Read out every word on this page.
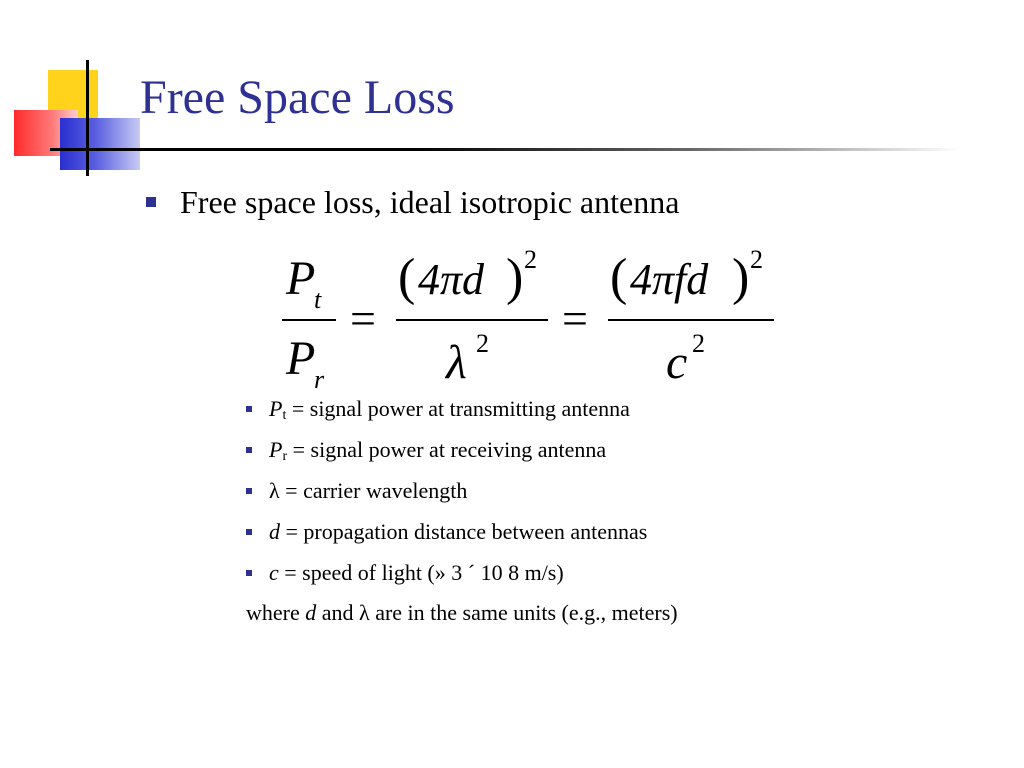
Free Space Loss
Free space loss, ideal isotropic antenna
P
t
P
r
=
( 4πd ) 2
λ 2 =
( 4πfd ) 2
c 2
Pt = signal power at transmitting antenna
Pr = signal power at receiving antenna
λ = carrier wavelength
d = propagation distance between antennas
c = speed of light (» 3 ´ 10 8 m/s)
where d and λ are in the same units (e.g., meters)
